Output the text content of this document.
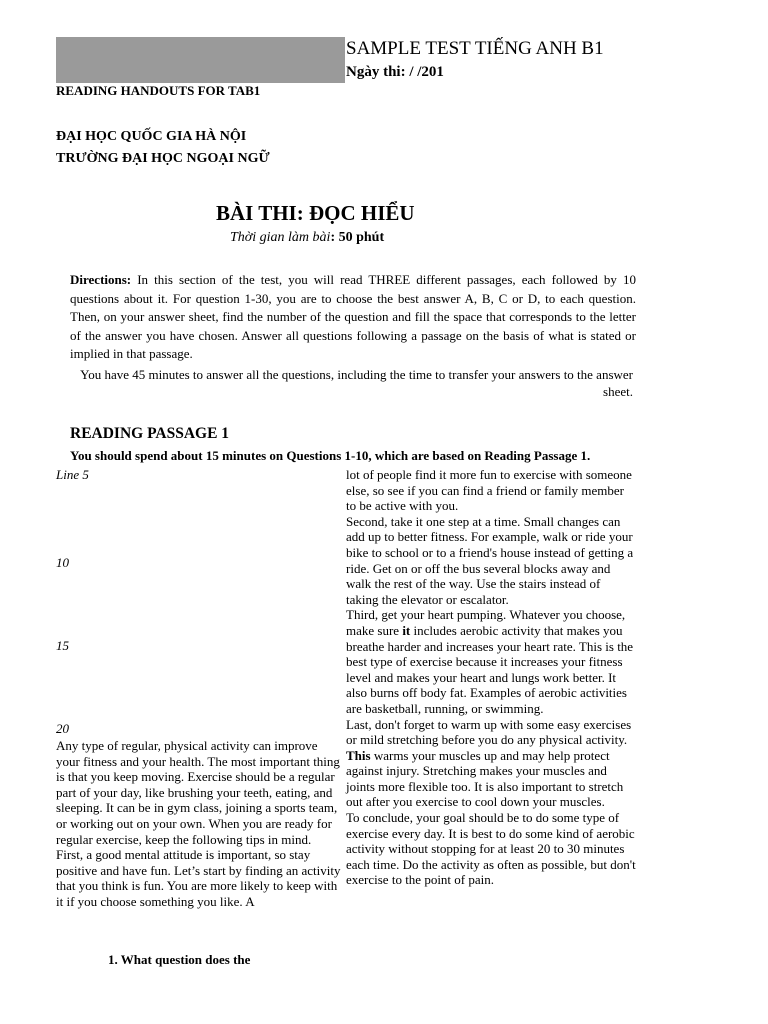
SAMPLE TEST TIẾNG ANH B1
Ngày thi: / /201
READING HANDOUTS FOR TAB1
ĐẠI HỌC QUỐC GIA HÀ NỘI
TRƯỜNG ĐẠI HỌC NGOẠI NGỮ
BÀI THI: ĐỌC HIỂU
Thời gian làm bài: 50 phút
Directions: In this section of the test, you will read THREE different passages, each followed by 10 questions about it. For question 1-30, you are to choose the best answer A, B, C or D, to each question. Then, on your answer sheet, find the number of the question and fill the space that corresponds to the letter of the answer you have chosen. Answer all questions following a passage on the basis of what is stated or implied in that passage.
You have 45 minutes to answer all the questions, including the time to transfer your answers to the answer sheet.
READING PASSAGE 1
You should spend about 15 minutes on Questions 1-10, which are based on Reading Passage 1.
Line 5
10
15
20

Any type of regular, physical activity can improve your fitness and your health. The most important thing is that you keep moving. Exercise should be a regular part of your day, like brushing your teeth, eating, and sleeping. It can be in gym class, joining a sports team, or working out on your own. When you are ready for regular exercise, keep the following tips in mind.

First, a good mental attitude is important, so stay positive and have fun. Let’s start by finding an activity that you think is fun. You are more likely to keep with it if you choose something you like. A

lot of people find it more fun to exercise with someone else, so see if you can find a friend or family member to be active with you.

Second, take it one step at a time. Small changes can add up to better fitness. For example, walk or ride your bike to school or to a friend's house instead of getting a ride. Get on or off the bus several blocks away and walk the rest of the way. Use the stairs instead of taking the elevator or escalator.

Third, get your heart pumping. Whatever you choose, make sure it includes aerobic activity that makes you breathe harder and increases your heart rate. This is the best type of exercise because it increases your fitness level and makes your heart and lungs work better. It also burns off body fat. Examples of aerobic activities are basketball, running, or swimming.

Last, don't forget to warm up with some easy exercises or mild stretching before you do any physical activity. This warms your muscles up and may help protect against injury. Stretching makes your muscles and joints more flexible too. It is also important to stretch out after you exercise to cool down your muscles.

To conclude, your goal should be to do some type of exercise every day. It is best to do some kind of aerobic activity without stopping for at least 20 to 30 minutes each time. Do the activity as often as possible, but don't exercise to the point of pain.

1. What question does the
